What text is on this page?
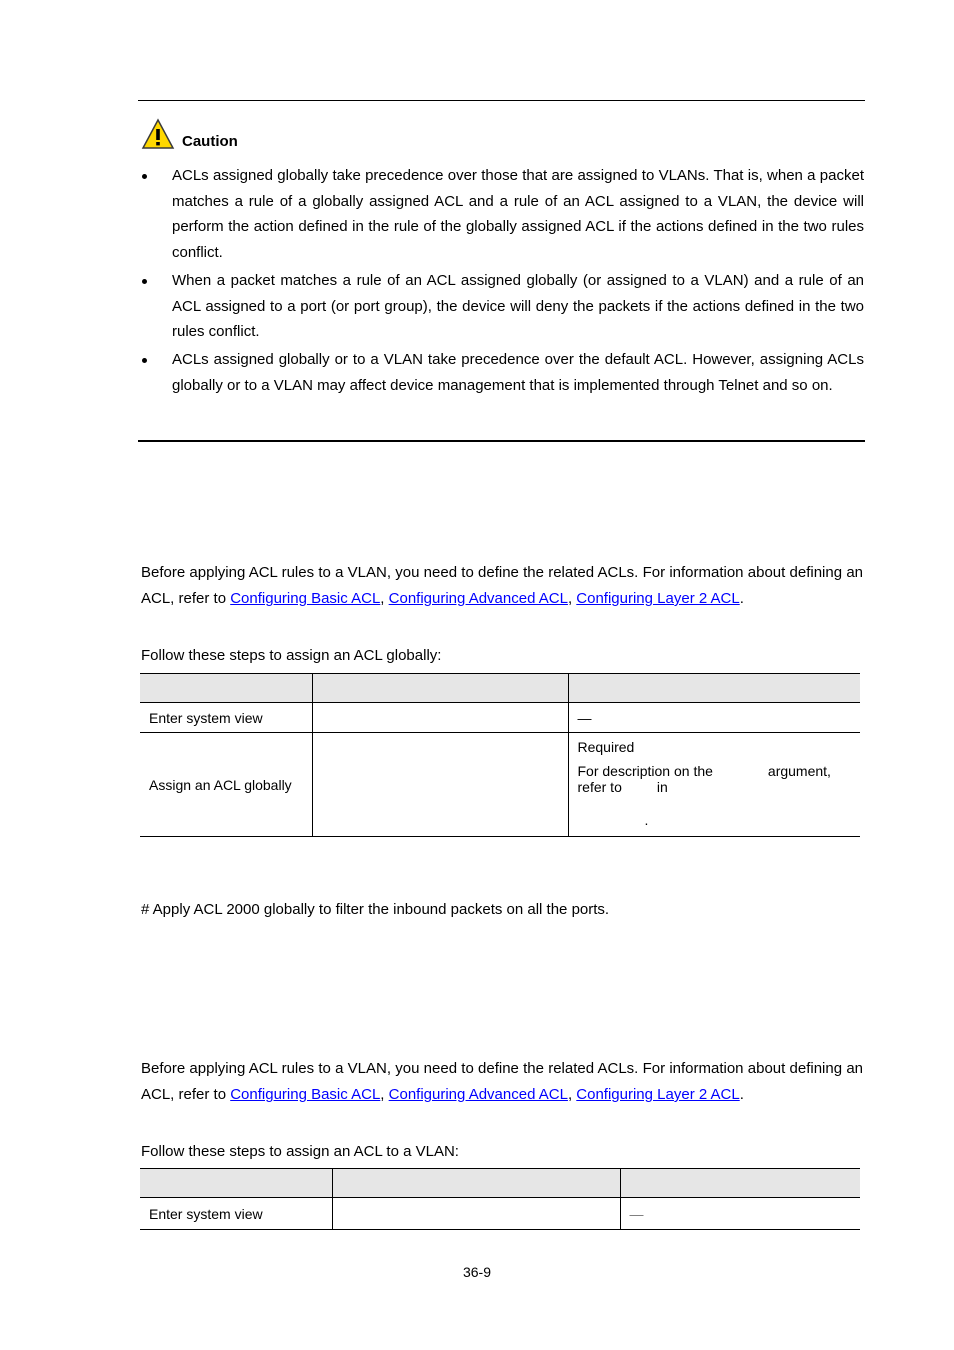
Caution
ACLs assigned globally take precedence over those that are assigned to VLANs. That is, when a packet matches a rule of a globally assigned ACL and a rule of an ACL assigned to a VLAN, the device will perform the action defined in the rule of the globally assigned ACL if the actions defined in the two rules conflict.
When a packet matches a rule of an ACL assigned globally (or assigned to a VLAN) and a rule of an ACL assigned to a port (or port group), the device will deny the packets if the actions defined in the two rules conflict.
ACLs assigned globally or to a VLAN take precedence over the default ACL. However, assigning ACLs globally or to a VLAN may affect device management that is implemented through Telnet and so on.

Before applying ACL rules to a VLAN, you need to define the related ACLs. For information about defining an ACL, refer to Configuring Basic ACL, Configuring Advanced ACL, Configuring Layer 2 ACL.

Follow these steps to assign an ACL globally:

Enter system view		—
Assign an ACL globally		Required

For description on the argument,

refer to in

.

# Apply ACL 2000 globally to filter the inbound packets on all the ports.

Before applying ACL rules to a VLAN, you need to define the related ACLs. For information about defining an ACL, refer to Configuring Basic ACL, Configuring Advanced ACL, Configuring Layer 2 ACL.

Follow these steps to assign an ACL to a VLAN:

Enter system view		—
36-9
